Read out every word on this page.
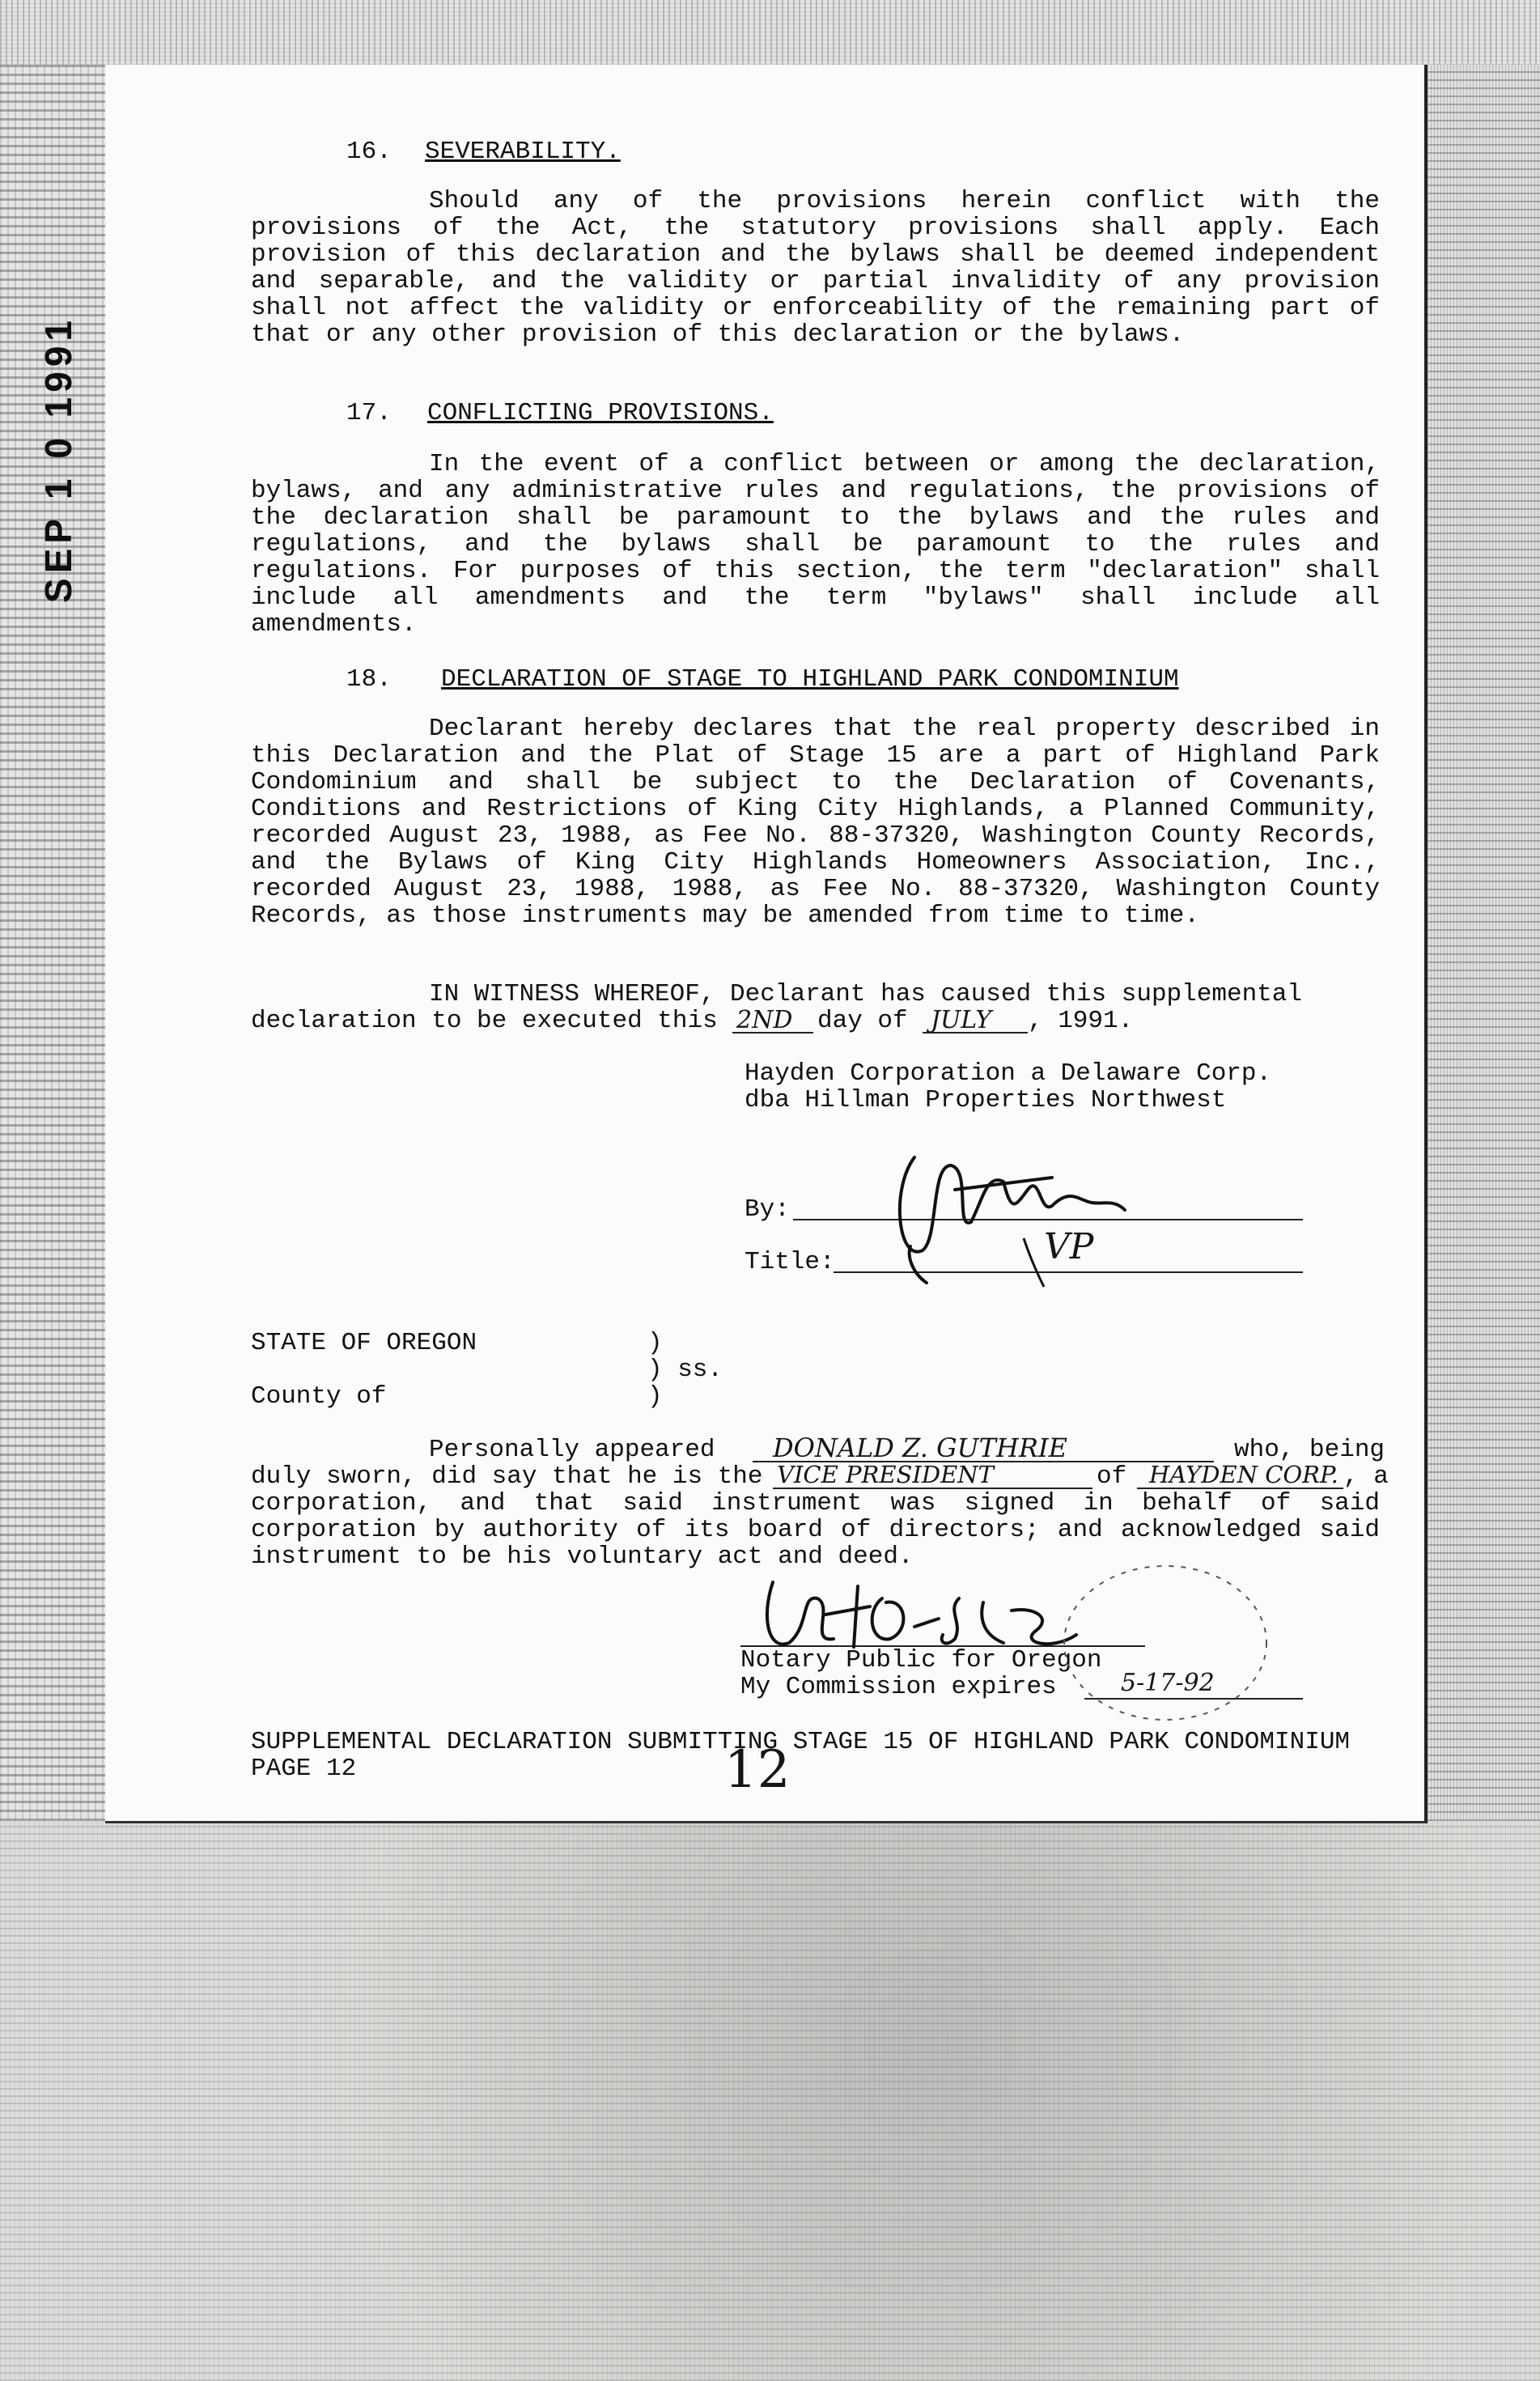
SEP 1 0 1991
16. SEVERABILITY.
Should any of the provisions herein conflict with the
provisions of the Act, the statutory provisions shall apply. Each
provision of this declaration and the bylaws shall be deemed independent
and separable, and the validity or partial invalidity of any provision
shall not affect the validity or enforceability of the remaining part of
that or any other provision of this declaration or the bylaws.
17. CONFLICTING PROVISIONS.
In the event of a conflict between or among the declaration,
bylaws, and any administrative rules and regulations, the provisions of
the declaration shall be paramount to the bylaws and the rules and
regulations, and the bylaws shall be paramount to the rules and
regulations. For purposes of this section, the term "declaration" shall
include all amendments and the term "bylaws" shall include all
amendments.
18. DECLARATION OF STAGE TO HIGHLAND PARK CONDOMINIUM
Declarant hereby declares that the real property described in
this Declaration and the Plat of Stage 15 are a part of Highland Park
Condominium and shall be subject to the Declaration of Covenants,
Conditions and Restrictions of King City Highlands, a Planned Community,
recorded August 23, 1988, as Fee No. 88-37320, Washington County Records,
and the Bylaws of King City Highlands Homeowners Association, Inc.,
recorded August 23, 1988, 1988, as Fee No. 88-37320, Washington County
Records, as those instruments may be amended from time to time.
IN WITNESS WHEREOF, Declarant has caused this supplemental
declaration to be executed this 2ND day of JULY , 1991.
Hayden Corporation a Delaware Corp.
dba Hillman Properties Northwest
By:
Title:	VP
STATE OF OREGON	)
) ss.
County of	)
Personally appeared DONALD Z. GUTHRIE	who, being
duly sworn, did say that he is the VICE PRESIDENT	of HAYDEN CORP. , a
corporation, and that said instrument was signed in behalf of said
corporation by authority of its board of directors; and acknowledged said
instrument to be his voluntary act and deed.
Notary Public for Oregon
My Commission expires	5-17-92
SUPPLEMENTAL DECLARATION SUBMITTING STAGE 15 OF HIGHLAND PARK CONDOMINIUM
PAGE 12	12
